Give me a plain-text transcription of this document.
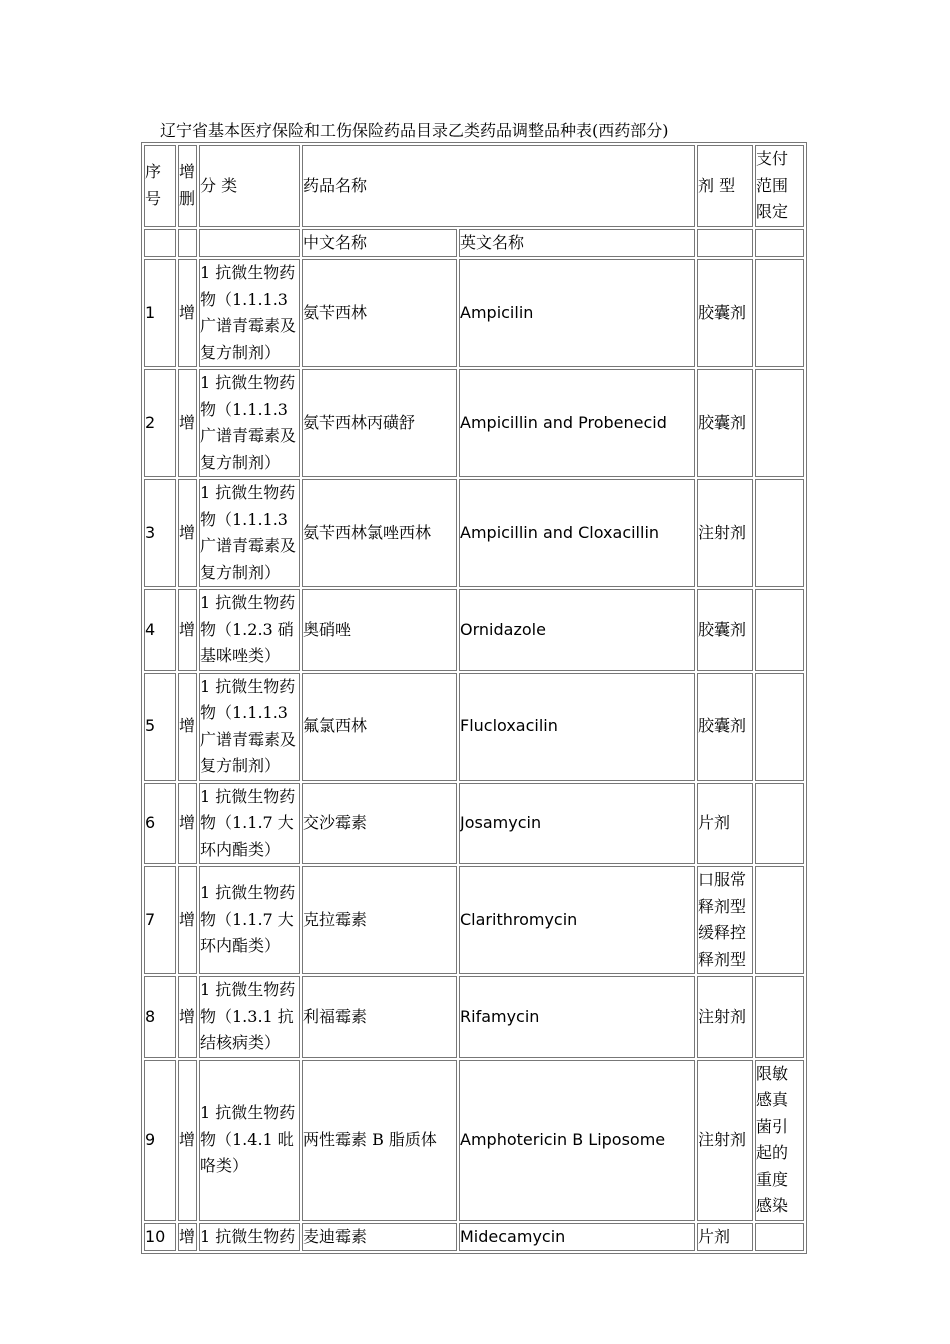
辽宁省基本医疗保险和工伤保险药品目录乙类药品调整品种表(西药部分)
序号	增删	分 类	药品名称		剂 型	支付范围限定
			中文名称	英文名称		
1	增	1 抗微生物药物（1.1.1.3 广谱青霉素及复方制剂）	氨苄西林	Ampicilin	胶囊剂	
2	增	1 抗微生物药物（1.1.1.3 广谱青霉素及复方制剂）	氨苄西林丙磺舒	Ampicillin and Probenecid	胶囊剂	
3	增	1 抗微生物药物（1.1.1.3 广谱青霉素及复方制剂）	氨苄西林氯唑西林	Ampicillin and Cloxacillin	注射剂	
4	增	1 抗微生物药物（1.2.3 硝基咪唑类）	奥硝唑	Ornidazole	胶囊剂	
5	增	1 抗微生物药物（1.1.1.3 广谱青霉素及复方制剂）	氟氯西林	Flucloxacilin	胶囊剂	
6	增	1 抗微生物药物（1.1.7 大环内酯类）	交沙霉素	Josamycin	片剂	
7	增	1 抗微生物药物（1.1.7 大环内酯类）	克拉霉素	Clarithromycin	口服常释剂型缓释控释剂型	
8	增	1 抗微生物药物（1.3.1 抗结核病类）	利福霉素	Rifamycin	注射剂	
9	增	1 抗微生物药物（1.4.1 吡咯类）	两性霉素 B 脂质体	Amphotericin B Liposome	注射剂	限敏感真菌引起的重度感染
10	增	1 抗微生物药	麦迪霉素	Midecamycin	片剂	
